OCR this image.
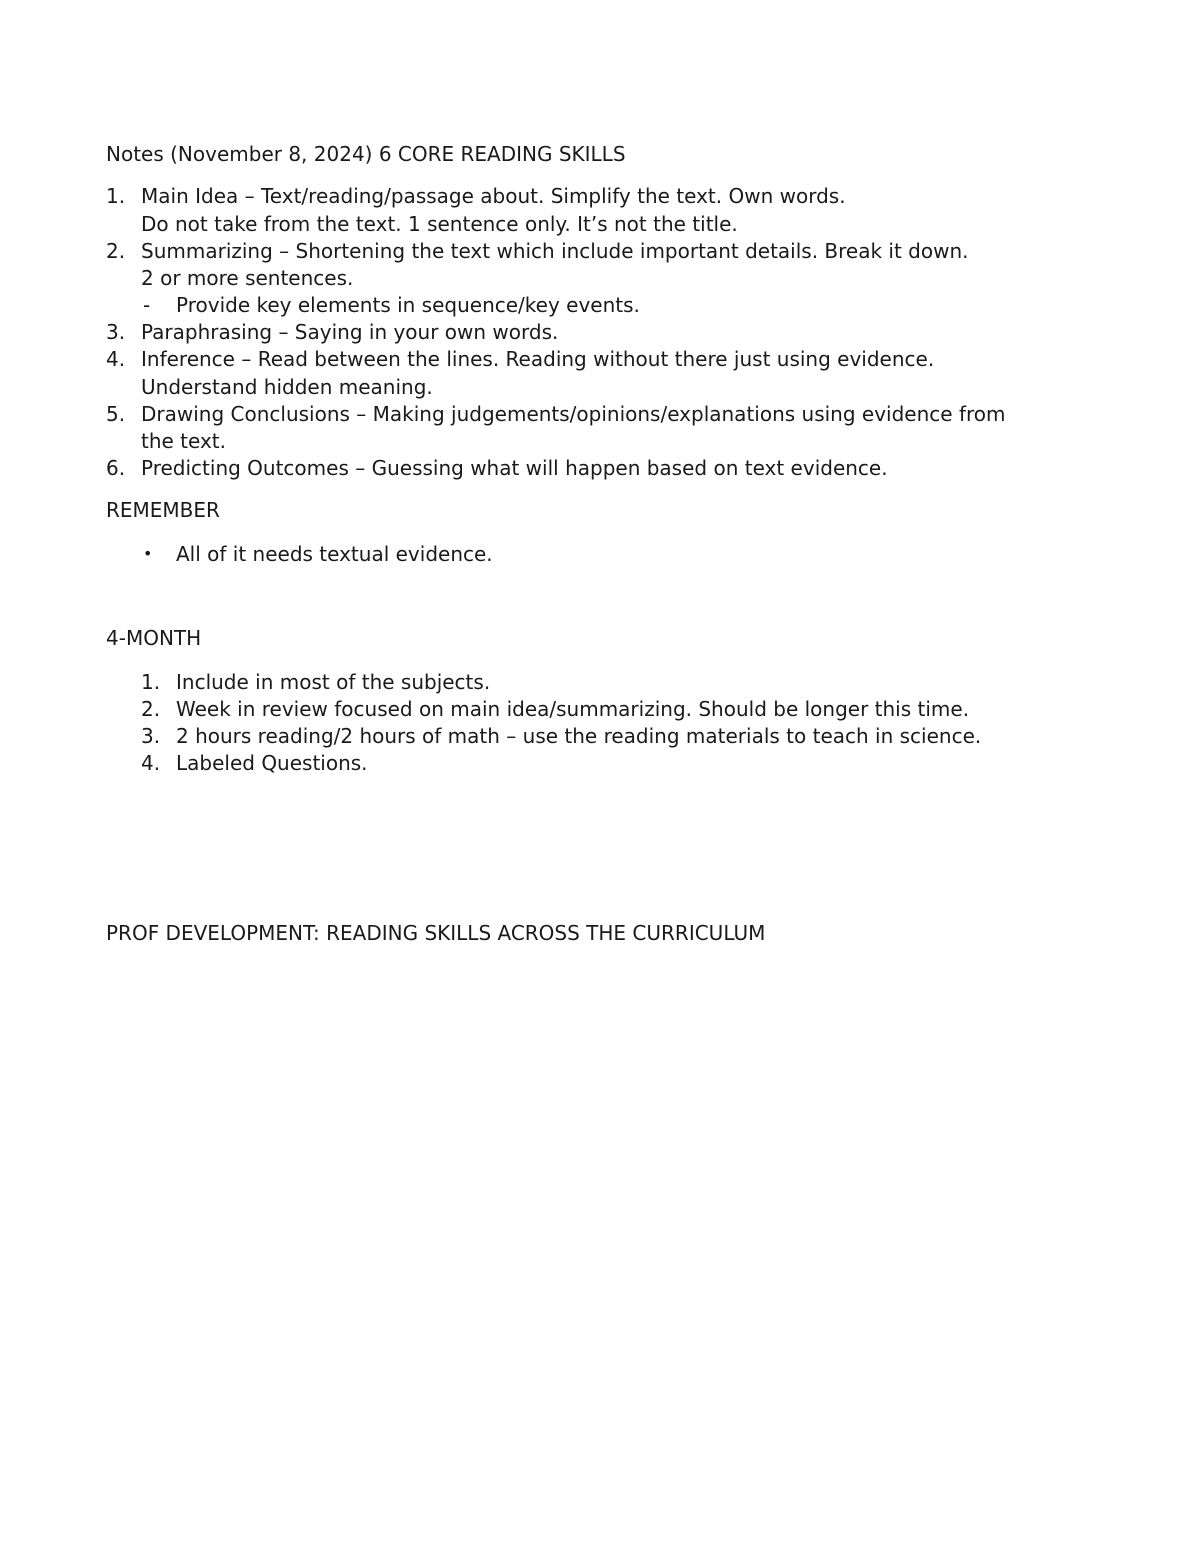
Notes (November 8, 2024) 6 CORE READING SKILLS
1. Main Idea – Text/reading/passage about. Simplify the text. Own words.
Do not take from the text. 1 sentence only. It’s not the title.
2. Summarizing – Shortening the text which include important details. Break it down.
2 or more sentences.
- Provide key elements in sequence/key events.
3. Paraphrasing – Saying in your own words.
4. Inference – Read between the lines. Reading without there just using evidence.
Understand hidden meaning.
5. Drawing Conclusions – Making judgements/opinions/explanations using evidence from
the text.
6. Predicting Outcomes – Guessing what will happen based on text evidence.
REMEMBER
• All of it needs textual evidence.
4-MONTH
1. Include in most of the subjects.
2. Week in review focused on main idea/summarizing. Should be longer this time.
3. 2 hours reading/2 hours of math – use the reading materials to teach in science.
4. Labeled Questions.
PROF DEVELOPMENT: READING SKILLS ACROSS THE CURRICULUM
